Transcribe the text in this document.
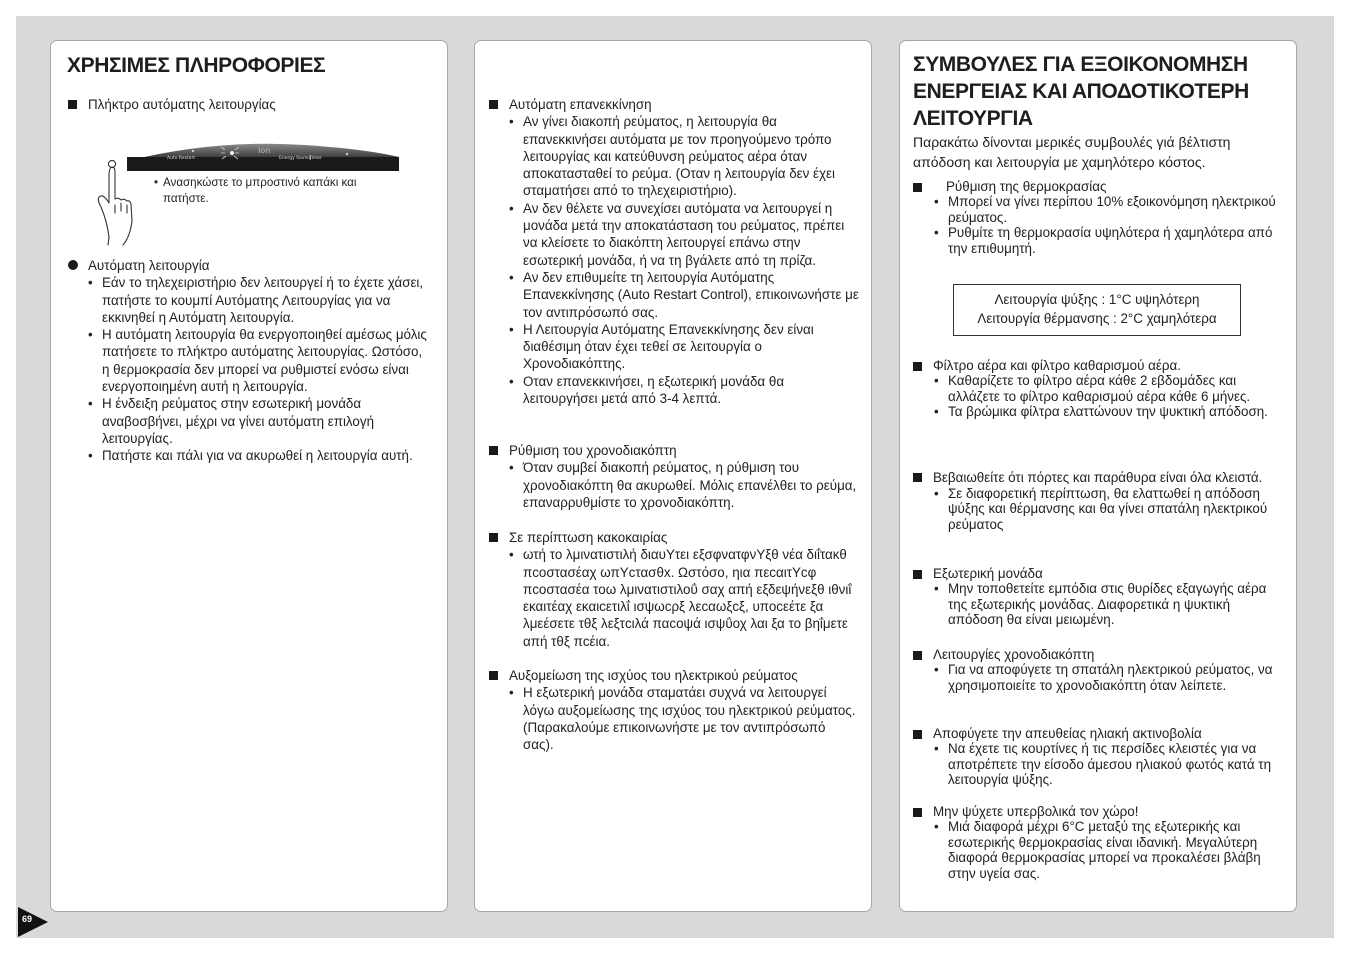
ΧΡΗΣΙΜΕΣ ΠΛΗΡΟΦΟΡΙΕΣ
Πλήκτρο αυτόματης λειτουργίας
Auto Restart
Ion
Energy Saving
Timer
• Ανασηκώστε το μπροστινό καπάκι και πατήστε.
Αυτόματη λειτουργία
• Εάν το τηλεχειριστήριο δεν λειτουργεί ή το έχετε χάσει, πατήστε το κουμπί Αυτόματης Λειτουργίας για να εκκινηθεί η Αυτόματη λειτουργία.
• Η αυτόματη λειτουργία θα ενεργοποιηθεί αμέσως μόλις πατήσετε το πλήκτρο αυτόματης λειτουργίας. Ωστόσο, η θερμοκρασία δεν μπορεί να ρυθμιστεί ενόσω είναι ενεργοποιημένη αυτή η λειτουργία.
• Η ένδειξη ρεύματος στην εσωτερική μονάδα αναβοσβήνει, μέχρι να γίνει αυτόματη επιλογή λειτουργίας.
• Πατήστε και πάλι για να ακυρωθεί η λειτουργία αυτή.
Αυτόματη επανεκκίνηση
• Αν γίνει διακοπή ρεύματος, η λειτουργία θα επανεκκινήσει αυτόματα με τον προηγούμενο τρόπο λειτουργίας και κατεύθυνση ρεύματος αέρα όταν αποκατασταθεί το ρεύμα. (Οταν η λειτουργία δεν έχει σταματήσει από το τηλεχειριστήριο).
• Αν δεν θέλετε να συνεχίσει αυτόματα να λειτουργεί η μονάδα μετά την αποκατάσταση του ρεύματος, πρέπει να κλείσετε το διακόπτη λειτουργεί επάνω στην εσωτερική μονάδα, ή να τη βγάλετε από τη πρίζα.
• Αν δεν επιθυμείτε τη λειτουργία Αυτόματης Επανεκκίνησης (Auto Restart Control), επικοινωνήστε με τον αντιπρόσωπό σας.
• Η Λειτουργία Αυτόματης Επανεκκίνησης δεν είναι διαθέσιμη όταν έχει τεθεί σε λειτουργία ο Χρονοδιακόπτης.
• Οταν επανεκκινήσει, η εξωτερική μονάδα θα λειτουργήσει μετά από 3-4 λεπτά.
Ρύθμιση του χρονοδιακόπτη
• Όταν συμβεί διακοπή ρεύματος, η ρύθμιση του χρονοδιακόπτη θα ακυρωθεί. Μόλις επανέλθει το ρεύμα, επαναρρυθμίστε το χρονοδιακόπτη.
Σε περίπτωση κακοκαιρίας
• ωτή το λμινατιστιλή διαυΥτει εξσφνατφνΥξθ νέα διΐτακθ πcοστασέαχ ωπΥcτασθx. Ωστόσο, ηια πεcαιτΥcφ πcοστασέα τοω λμινατιστιλοΰ σαχ απή εξδεψήνεξθ ιθνιΐ εκαιτέαχ εκαιcετιλΐ ισψωcρξ λεcαωξcξ, υποcεέτε ξα λμεέσετε τθξ λεξτcιλά παcοψά ισψΰοχ λαι ξα το βηΐμετε απή τθξ πcέια.
Αυξομείωση της ισχύος του ηλεκτρικού ρεύματος
• Η εξωτερική μονάδα σταματάει συχνά να λειτουργεί λόγω αυξομείωσης της ισχύος του ηλεκτρικού ρεύματος. (Παρακαλούμε επικοινωνήστε με τον αντιπρόσωπό σας).
ΣΥΜΒΟΥΛΕΣ ΓΙΑ ΕΞΟΙΚΟΝΟΜΗΣΗ
ΕΝΕΡΓΕΙΑΣ ΚΑΙ ΑΠΟΔΟΤΙΚΟΤΕΡΗ
ΛΕΙΤΟΥΡΓΙΑ
Παρακάτω δίνονται μερικές συμβουλές γιά βέλτιστη απόδοση και λειτουργία με χαμηλότερο κόστος.
Ρύθμιση της θερμοκρασίας
• Μπορεί να γίνει περίπου 10% εξοικονόμηση ηλεκτρικού ρεύματος.
• Ρυθμίτε τη θερμοκρασία υψηλότερα ή χαμηλότερα από την επιθυμητή.
Λειτουργία ψύξης : 1°C υψηλότερη
Λειτουργία θέρμανσης : 2°C χαμηλότερα
Φίλτρο αέρα και φίλτρο καθαρισμού αέρα.
• Καθαρίζετε το φίλτρο αέρα κάθε 2 εβδομάδες και αλλάζετε το φίλτρο καθαρισμού αέρα κάθε 6 μήνες.
• Τα βρώμικα φίλτρα ελαττώνουν την ψυκτική απόδοση.
Βεβαιωθείτε ότι πόρτες και παράθυρα είναι όλα κλειστά.
• Σε διαφορετική περίπτωση, θα ελαττωθεί η απόδοση ψύξης και θέρμανσης και θα γίνει σπατάλη ηλεκτρικού ρεύματος
Εξωτερική μονάδα
• Μην τοποθετείτε εμπόδια στις θυρίδες εξαγωγής αέρα της εξωτερικής μονάδας. Διαφορετικά η ψυκτική απόδοση θα είναι μειωμένη.
Λειτουργίες χρονοδιακόπτη
• Για να αποφύγετε τη σπατάλη ηλεκτρικού ρεύματος, να χρησιμοποιείτε το χρονοδιακόπτη όταν λείπετε.
Αποφύγετε την απευθείας ηλιακή ακτινοβολία
• Να έχετε τις κουρτίνες ή τις περσίδες κλειστές για να αποτρέπετε την είσοδο άμεσου ηλιακού φωτός κατά τη λειτουργία ψύξης.
Μην ψύχετε υπερβολικά τον χώρο!
• Μιά διαφορά μέχρι 6°C μεταξύ της εξωτερικής και εσωτερικής θερμοκρασίας είναι ιδανική. Μεγαλύτερη διαφορά θερμοκρασίας μπορεί να προκαλέσει βλάβη στην υγεία σας.
69
